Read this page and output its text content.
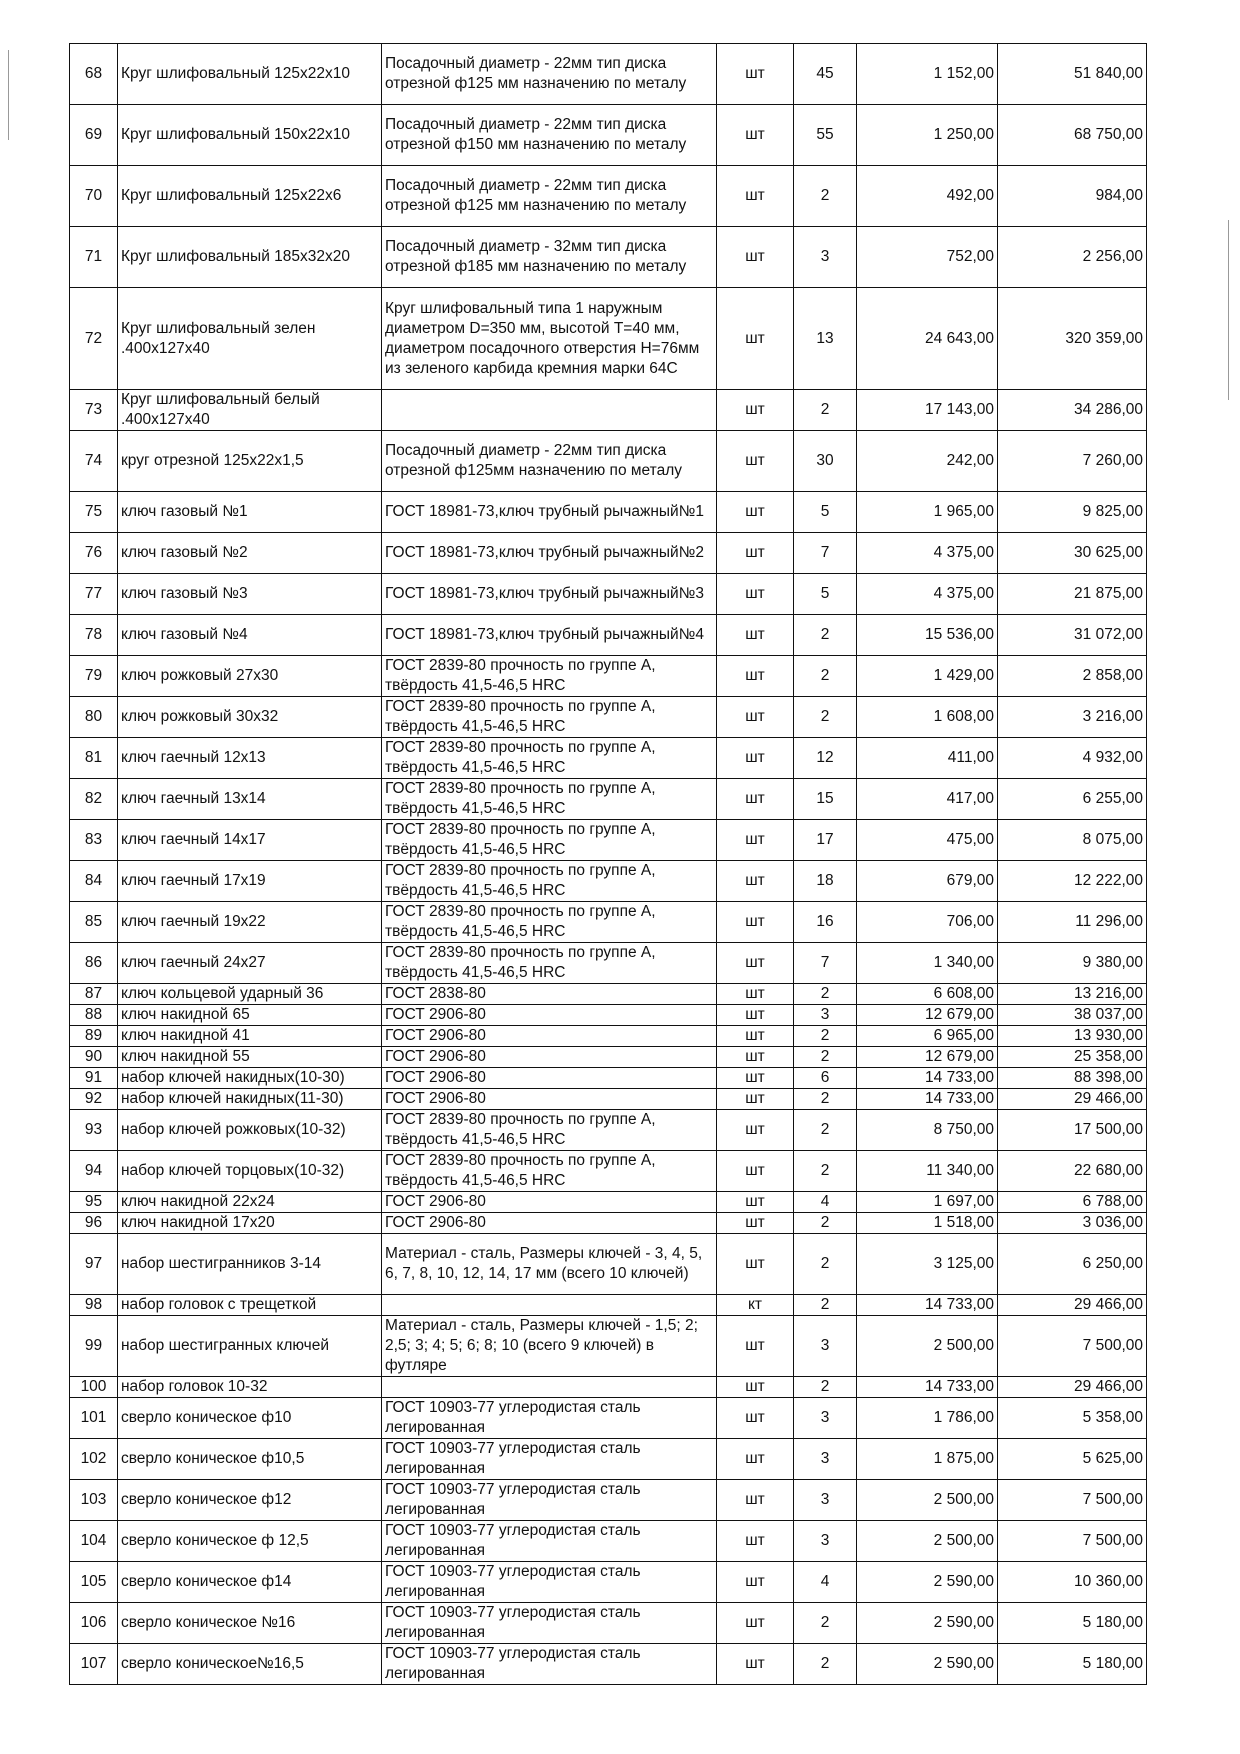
68	Круг шлифовальный 125х22х10	Посадочный диаметр - 22мм тип диска отрезной ф125 мм назначению по металу	шт	45	1 152,00	51 840,00
69	Круг шлифовальный 150х22х10	Посадочный диаметр - 22мм тип диска отрезной ф150 мм назначению по металу	шт	55	1 250,00	68 750,00
70	Круг шлифовальный 125х22х6	Посадочный диаметр - 22мм тип диска отрезной ф125 мм назначению по металу	шт	2	492,00	984,00
71	Круг шлифовальный 185х32х20	Посадочный диаметр - 32мм тип диска отрезной ф185 мм назначению по металу	шт	3	752,00	2 256,00
72	Круг шлифовальный зелен .400х127х40	Круг шлифовальный типа 1 наружным диаметром D=350 мм, высотой T=40 мм, диаметром посадочного отверстия H=76мм из зеленого карбида кремния марки 64С	шт	13	24 643,00	320 359,00
73	Круг шлифовальный белый .400х127х40		шт	2	17 143,00	34 286,00
74	круг отрезной 125х22х1,5	Посадочный диаметр - 22мм тип диска отрезной ф125мм назначению по металу	шт	30	242,00	7 260,00
75	ключ газовый №1	ГОСТ 18981-73,ключ трубный рычажный№1	шт	5	1 965,00	9 825,00
76	ключ газовый №2	ГОСТ 18981-73,ключ трубный рычажный№2	шт	7	4 375,00	30 625,00
77	ключ газовый №3	ГОСТ 18981-73,ключ трубный рычажный№3	шт	5	4 375,00	21 875,00
78	ключ газовый №4	ГОСТ 18981-73,ключ трубный рычажный№4	шт	2	15 536,00	31 072,00
79	ключ рожковый 27х30	ГОСТ 2839-80 прочность по группе А, твёрдость 41,5-46,5 HRC	шт	2	1 429,00	2 858,00
80	ключ рожковый 30х32	ГОСТ 2839-80 прочность по группе А, твёрдость 41,5-46,5 HRC	шт	2	1 608,00	3 216,00
81	ключ гаечный 12х13	ГОСТ 2839-80 прочность по группе А, твёрдость 41,5-46,5 HRC	шт	12	411,00	4 932,00
82	ключ гаечный 13х14	ГОСТ 2839-80 прочность по группе А, твёрдость 41,5-46,5 HRC	шт	15	417,00	6 255,00
83	ключ гаечный 14х17	ГОСТ 2839-80 прочность по группе А, твёрдость 41,5-46,5 HRC	шт	17	475,00	8 075,00
84	ключ гаечный 17х19	ГОСТ 2839-80 прочность по группе А, твёрдость 41,5-46,5 HRC	шт	18	679,00	12 222,00
85	ключ гаечный 19х22	ГОСТ 2839-80 прочность по группе А, твёрдость 41,5-46,5 HRC	шт	16	706,00	11 296,00
86	ключ гаечный 24х27	ГОСТ 2839-80 прочность по группе А, твёрдость 41,5-46,5 HRC	шт	7	1 340,00	9 380,00
87	ключ кольцевой ударный 36	ГОСТ 2838-80	шт	2	6 608,00	13 216,00
88	ключ накидной 65	ГОСТ 2906-80	шт	3	12 679,00	38 037,00
89	ключ накидной 41	ГОСТ 2906-80	шт	2	6 965,00	13 930,00
90	ключ накидной 55	ГОСТ 2906-80	шт	2	12 679,00	25 358,00
91	набор ключей накидных(10-30)	ГОСТ 2906-80	шт	6	14 733,00	88 398,00
92	набор ключей накидных(11-30)	ГОСТ 2906-80	шт	2	14 733,00	29 466,00
93	набор ключей рожковых(10-32)	ГОСТ 2839-80 прочность по группе А, твёрдость 41,5-46,5 HRC	шт	2	8 750,00	17 500,00
94	набор ключей торцовых(10-32)	ГОСТ 2839-80 прочность по группе А, твёрдость 41,5-46,5 HRC	шт	2	11 340,00	22 680,00
95	ключ накидной 22х24	ГОСТ 2906-80	шт	4	1 697,00	6 788,00
96	ключ накидной 17х20	ГОСТ 2906-80	шт	2	1 518,00	3 036,00
97	набор шестигранников 3-14	Материал - сталь, Размеры ключей - 3, 4, 5, 6, 7, 8, 10, 12, 14, 17 мм (всего 10 ключей)	шт	2	3 125,00	6 250,00
98	набор головок с трещеткой		кт	2	14 733,00	29 466,00
99	набор шестигранных ключей	Материал - сталь, Размеры ключей - 1,5; 2; 2,5; 3; 4; 5; 6; 8; 10 (всего 9 ключей) в футляре	шт	3	2 500,00	7 500,00
100	набор головок 10-32		шт	2	14 733,00	29 466,00
101	сверло коническое ф10	ГОСТ 10903-77 углеродистая сталь легированная	шт	3	1 786,00	5 358,00
102	сверло коническое ф10,5	ГОСТ 10903-77 углеродистая сталь легированная	шт	3	1 875,00	5 625,00
103	сверло коническое ф12	ГОСТ 10903-77 углеродистая сталь легированная	шт	3	2 500,00	7 500,00
104	сверло коническое ф 12,5	ГОСТ 10903-77 углеродистая сталь легированная	шт	3	2 500,00	7 500,00
105	сверло коническое ф14	ГОСТ 10903-77 углеродистая сталь легированная	шт	4	2 590,00	10 360,00
106	сверло коническое №16	ГОСТ 10903-77 углеродистая сталь легированная	шт	2	2 590,00	5 180,00
107	сверло коническоe№16,5	ГОСТ 10903-77 углеродистая сталь легированная	шт	2	2 590,00	5 180,00
